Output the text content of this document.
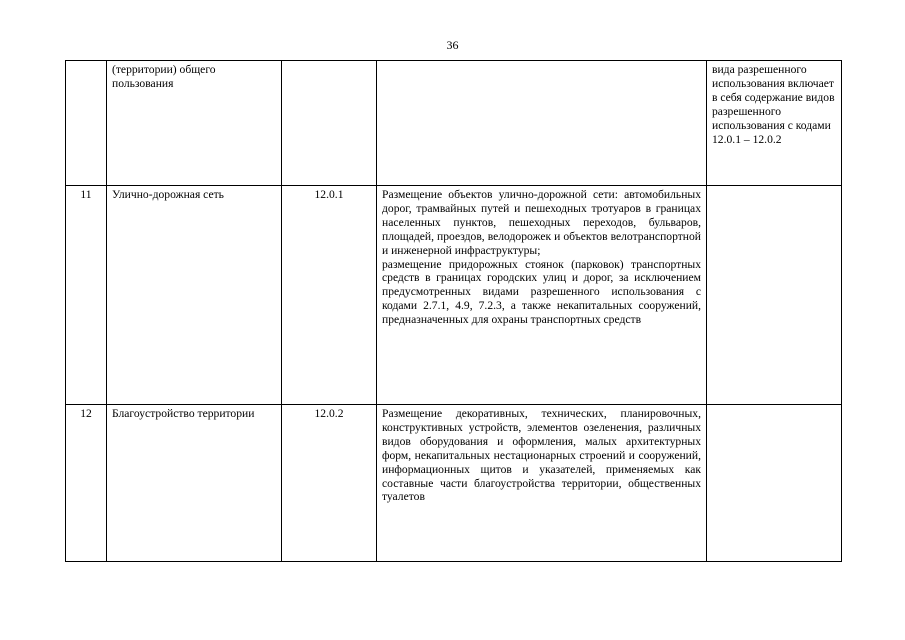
36
	(территории) общего пользования			вида разрешенного использования включает в себя содержание видов разрешенного использования с кодами 12.0.1 – 12.0.2
11	Улично-дорожная сеть	12.0.1	Размещение объектов улично-дорожной сети: автомобильных дорог, трамвайных путей и пешеходных тротуаров в границах населенных пунктов, пешеходных переходов, бульваров, площадей, проездов, велодорожек и объектов велотранспортной и инженерной инфраструктуры;
размещение придорожных стоянок (парковок) транспортных средств в границах городских улиц и дорог, за исключением предусмотренных видами разрешенного использования с кодами 2.7.1, 4.9, 7.2.3, а также некапитальных сооружений, предназначенных для охраны транспортных средств	

12	Благоустройство территории	12.0.2	Размещение декоративных, технических, планировочных, конструктивных устройств, элементов озеленения, различных видов оборудования и оформления, малых архитектурных форм, некапитальных нестационарных строений и сооружений, информационных щитов и указателей, применяемых как составные части благоустройства территории, общественных туалетов	
